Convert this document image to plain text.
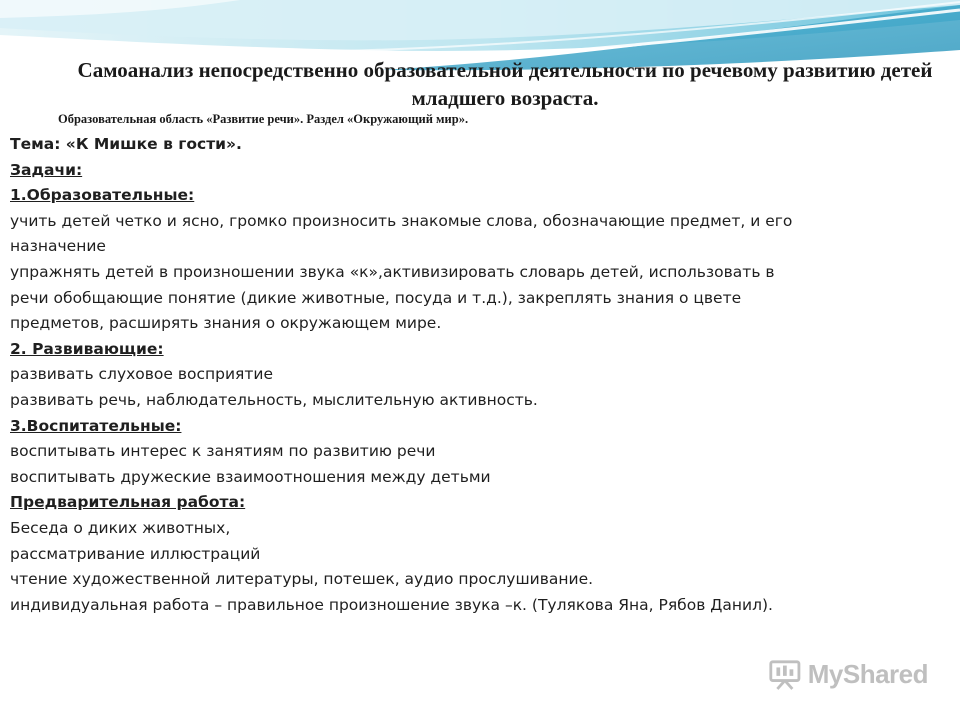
Самоанализ непосредственно образовательной деятельности по речевому развитию детей младшего возраста.
Образовательная область «Развитие речи». Раздел «Окружающий мир».
Тема: «К Мишке в гости».
Задачи:
1.Образовательные:
учить детей четко и ясно, громко произносить знакомые слова, обозначающие предмет, и его
назначение
упражнять детей в произношении звука «к»,активизировать словарь детей, использовать в
речи обобщающие понятие (дикие животные, посуда и т.д.), закреплять знания о цвете
предметов, расширять знания о окружающем мире.
2. Развивающие:
развивать слуховое восприятие
развивать речь, наблюдательность, мыслительную активность.
3.Воспитательные:
воспитывать интерес к занятиям по развитию речи
воспитывать дружеские взаимоотношения между детьми
Предварительная работа:
Беседа о диких животных,
рассматривание иллюстраций
чтение художественной литературы, потешек, аудио прослушивание.
индивидуальная работа – правильное произношение звука –к. (Тулякова Яна, Рябов Данил).
MyShared
